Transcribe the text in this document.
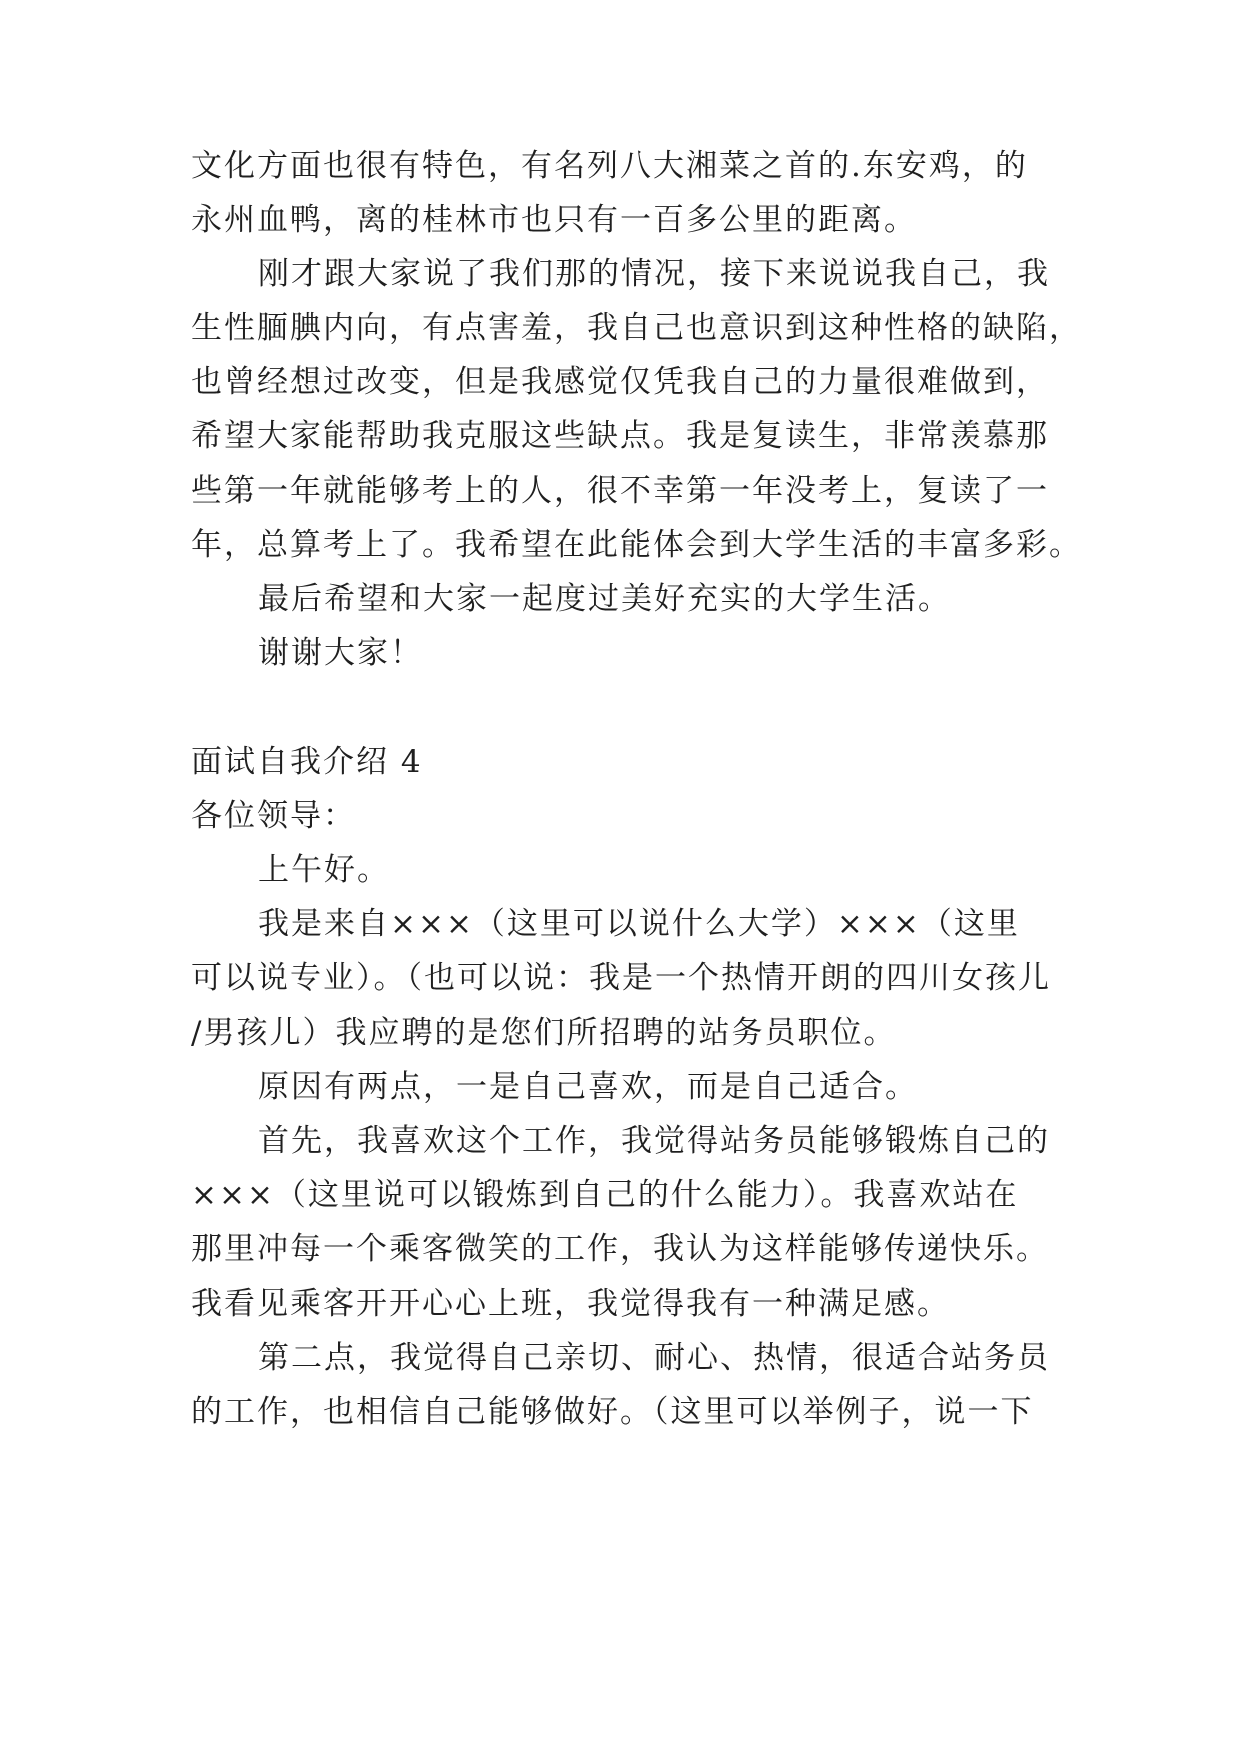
文化方面也很有特色，有名列八大湘菜之首的.东安鸡，的
永州血鸭，离的桂林市也只有一百多公里的距离。
刚才跟大家说了我们那的情况，接下来说说我自己，我
生性腼腆内向，有点害羞，我自己也意识到这种性格的缺陷，
也曾经想过改变，但是我感觉仅凭我自己的力量很难做到，
希望大家能帮助我克服这些缺点。我是复读生，非常羡慕那
些第一年就能够考上的人，很不幸第一年没考上，复读了一
年，总算考上了。我希望在此能体会到大学生活的丰富多彩。
最后希望和大家一起度过美好充实的大学生活。
谢谢大家！
面试自我介绍 4
各位领导：
上午好。
我是来自×××（这里可以说什么大学）×××（这里
可以说专业）。（也可以说：我是一个热情开朗的四川女孩儿
/男孩儿）我应聘的是您们所招聘的站务员职位。
原因有两点，一是自己喜欢，而是自己适合。
首先，我喜欢这个工作，我觉得站务员能够锻炼自己的
×××（这里说可以锻炼到自己的什么能力）。我喜欢站在
那里冲每一个乘客微笑的工作，我认为这样能够传递快乐。
我看见乘客开开心心上班，我觉得我有一种满足感。
第二点，我觉得自己亲切、耐心、热情，很适合站务员
的工作，也相信自己能够做好。（这里可以举例子，说一下
